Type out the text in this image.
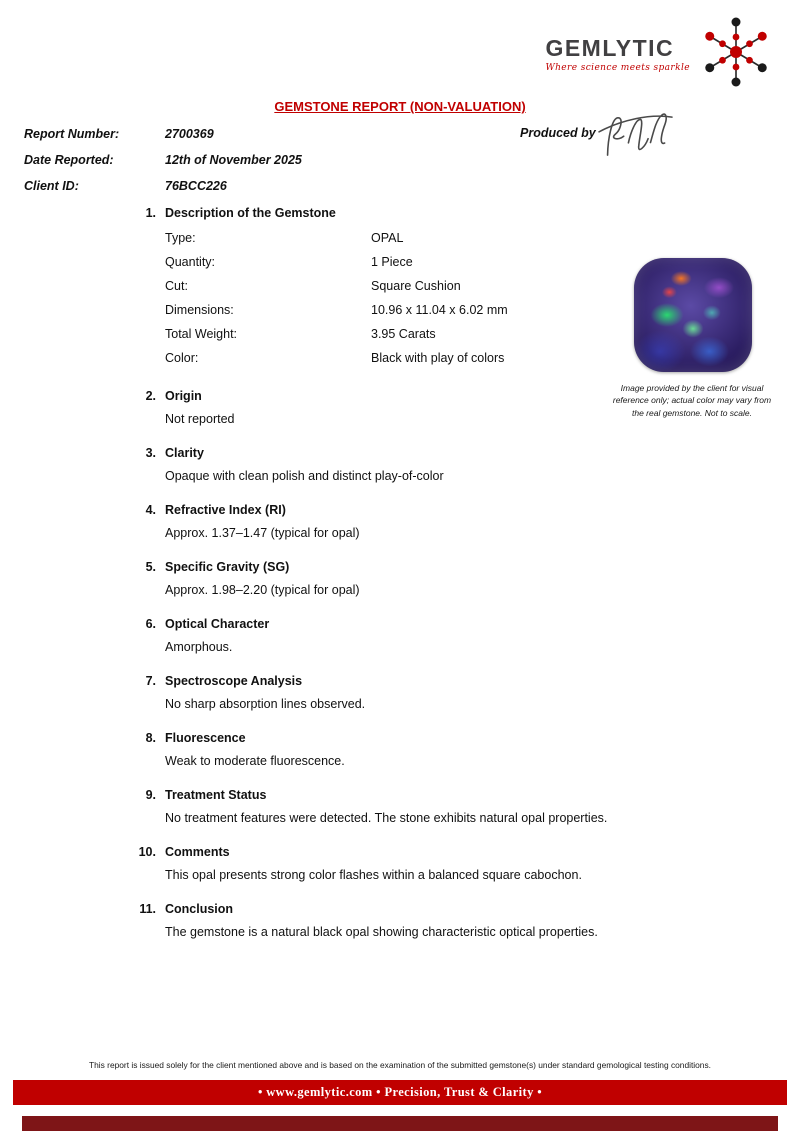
GEMLYTIC
Where science meets sparkle
GEMSTONE REPORT (NON-VALUATION)
Report Number:	2700369
Date Reported:	12th of November 2025
Client ID:	76BCC226
Produced by
1. Description of the Gemstone
Type:	OPAL
Quantity:	1 Piece
Cut:	Square Cushion
Dimensions:	10.96 x 11.04 x 6.02 mm
Total Weight:	3.95 Carats
Color:	Black with play of colors
2. Origin
Not reported
3. Clarity
Opaque with clean polish and distinct play-of-color
4. Refractive Index (RI)
Approx. 1.37–1.47 (typical for opal)
5. Specific Gravity (SG)
Approx. 1.98–2.20 (typical for opal)
6. Optical Character
Amorphous.
7. Spectroscope Analysis
No sharp absorption lines observed.
8. Fluorescence
Weak to moderate fluorescence.
9. Treatment Status
No treatment features were detected. The stone exhibits natural opal properties.
10. Comments
This opal presents strong color flashes within a balanced square cabochon.
11. Conclusion
The gemstone is a natural black opal showing characteristic optical properties.
Image provided by the client for visual reference only; actual color may vary from the real gemstone. Not to scale.
This report is issued solely for the client mentioned above and is based on the examination of the submitted gemstone(s) under standard gemological testing conditions.
• www.gemlytic.com • Precision, Trust & Clarity •
